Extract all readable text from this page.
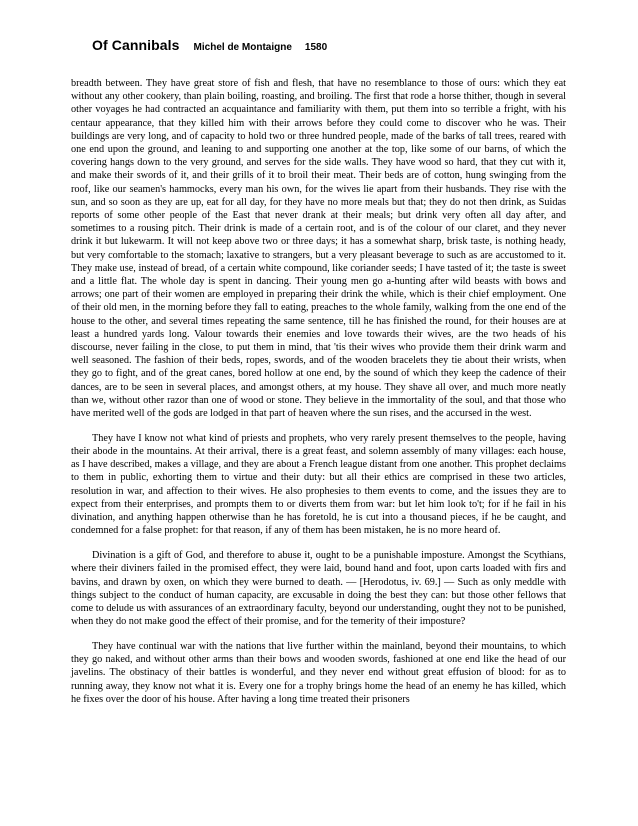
Of Cannibals Michel de Montaigne 1580

breadth between. They have great store of fish and flesh, that have no resemblance to those of ours: which they eat without any other cookery, than plain boiling, roasting, and broiling. The first that rode a horse thither, though in several other voyages he had contracted an acquaintance and familiarity with them, put them into so terrible a fright, with his centaur appearance, that they killed him with their arrows before they could come to discover who he was. Their buildings are very long, and of capacity to hold two or three hundred people, made of the barks of tall trees, reared with one end upon the ground, and leaning to and supporting one another at the top, like some of our barns, of which the covering hangs down to the very ground, and serves for the side walls. They have wood so hard, that they cut with it, and make their swords of it, and their grills of it to broil their meat. Their beds are of cotton, hung swinging from the roof, like our seamen's hammocks, every man his own, for the wives lie apart from their husbands. They rise with the sun, and so soon as they are up, eat for all day, for they have no more meals but that; they do not then drink, as Suidas reports of some other people of the East that never drank at their meals; but drink very often all day after, and sometimes to a rousing pitch. Their drink is made of a certain root, and is of the colour of our claret, and they never drink it but lukewarm. It will not keep above two or three days; it has a somewhat sharp, brisk taste, is nothing heady, but very comfortable to the stomach; laxative to strangers, but a very pleasant beverage to such as are accustomed to it. They make use, instead of bread, of a certain white compound, like coriander seeds; I have tasted of it; the taste is sweet and a little flat. The whole day is spent in dancing. Their young men go a-hunting after wild beasts with bows and arrows; one part of their women are employed in preparing their drink the while, which is their chief employment. One of their old men, in the morning before they fall to eating, preaches to the whole family, walking from the one end of the house to the other, and several times repeating the same sentence, till he has finished the round, for their houses are at least a hundred yards long. Valour towards their enemies and love towards their wives, are the two heads of his discourse, never failing in the close, to put them in mind, that 'tis their wives who provide them their drink warm and well seasoned. The fashion of their beds, ropes, swords, and of the wooden bracelets they tie about their wrists, when they go to fight, and of the great canes, bored hollow at one end, by the sound of which they keep the cadence of their dances, are to be seen in several places, and amongst others, at my house. They shave all over, and much more neatly than we, without other razor than one of wood or stone. They believe in the immortality of the soul, and that those who have merited well of the gods are lodged in that part of heaven where the sun rises, and the accursed in the west.

They have I know not what kind of priests and prophets, who very rarely present themselves to the people, having their abode in the mountains. At their arrival, there is a great feast, and solemn assembly of many villages: each house, as I have described, makes a village, and they are about a French league distant from one another. This prophet declaims to them in public, exhorting them to virtue and their duty: but all their ethics are comprised in these two articles, resolution in war, and affection to their wives. He also prophesies to them events to come, and the issues they are to expect from their enterprises, and prompts them to or diverts them from war: but let him look to't; for if he fail in his divination, and anything happen otherwise than he has foretold, he is cut into a thousand pieces, if he be caught, and condemned for a false prophet: for that reason, if any of them has been mistaken, he is no more heard of.

Divination is a gift of God, and therefore to abuse it, ought to be a punishable imposture. Amongst the Scythians, where their diviners failed in the promised effect, they were laid, bound hand and foot, upon carts loaded with firs and bavins, and drawn by oxen, on which they were burned to death. — [Herodotus, iv. 69.] — Such as only meddle with things subject to the conduct of human capacity, are excusable in doing the best they can: but those other fellows that come to delude us with assurances of an extraordinary faculty, beyond our understanding, ought they not to be punished, when they do not make good the effect of their promise, and for the temerity of their imposture?

They have continual war with the nations that live further within the mainland, beyond their mountains, to which they go naked, and without other arms than their bows and wooden swords, fashioned at one end like the head of our javelins. The obstinacy of their battles is wonderful, and they never end without great effusion of blood: for as to running away, they know not what it is. Every one for a trophy brings home the head of an enemy he has killed, which he fixes over the door of his house. After having a long time treated their prisoners
